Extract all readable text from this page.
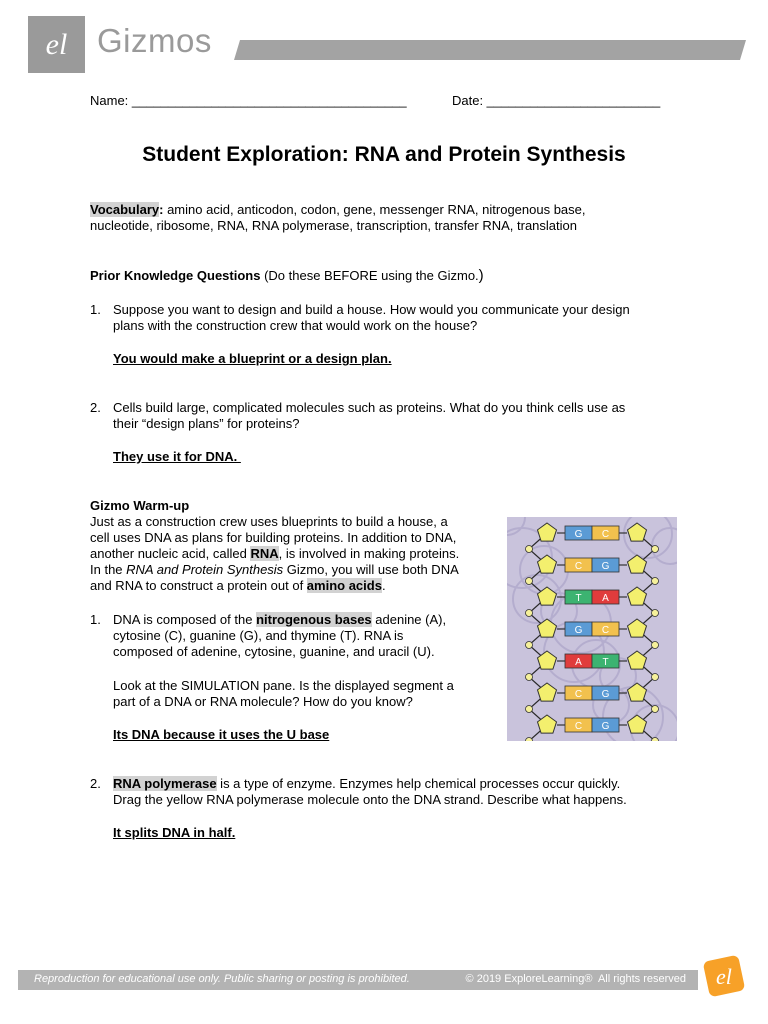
el Gizmos
Name: ______________________________________	Date: ________________________
Student Exploration: RNA and Protein Synthesis
Vocabulary: amino acid, anticodon, codon, gene, messenger RNA, nitrogenous base,
nucleotide, ribosome, RNA, RNA polymerase, transcription, transfer RNA, translation
Prior Knowledge Questions (Do these BEFORE using the Gizmo.)
1. Suppose you want to design and build a house. How would you communicate your design
plans with the construction crew that would work on the house?
You would make a blueprint or a design plan.
2. Cells build large, complicated molecules such as proteins. What do you think cells use as
their “design plans” for proteins?
They use it for DNA.
Gizmo Warm-up
Just as a construction crew uses blueprints to build a house, a
cell uses DNA as plans for building proteins. In addition to DNA,
another nucleic acid, called RNA, is involved in making proteins.
In the RNA and Protein Synthesis Gizmo, you will use both DNA
and RNA to construct a protein out of amino acids.
1. DNA is composed of the nitrogenous bases adenine (A),
cytosine (C), guanine (G), and thymine (T). RNA is
composed of adenine, cytosine, guanine, and uracil (U).
Look at the SIMULATION pane. Is the displayed segment a
part of a DNA or RNA molecule? How do you know?
Its DNA because it uses the U base
2. RNA polymerase is a type of enzyme. Enzymes help chemical processes occur quickly.
Drag the yellow RNA polymerase molecule onto the DNA strand. Describe what happens.
It splits DNA in half.
G C
C G
T A
G C
A T
C G
C G
Reproduction for educational use only. Public sharing or posting is prohibited.	© 2019 ExploreLearning®  All rights reserved el
